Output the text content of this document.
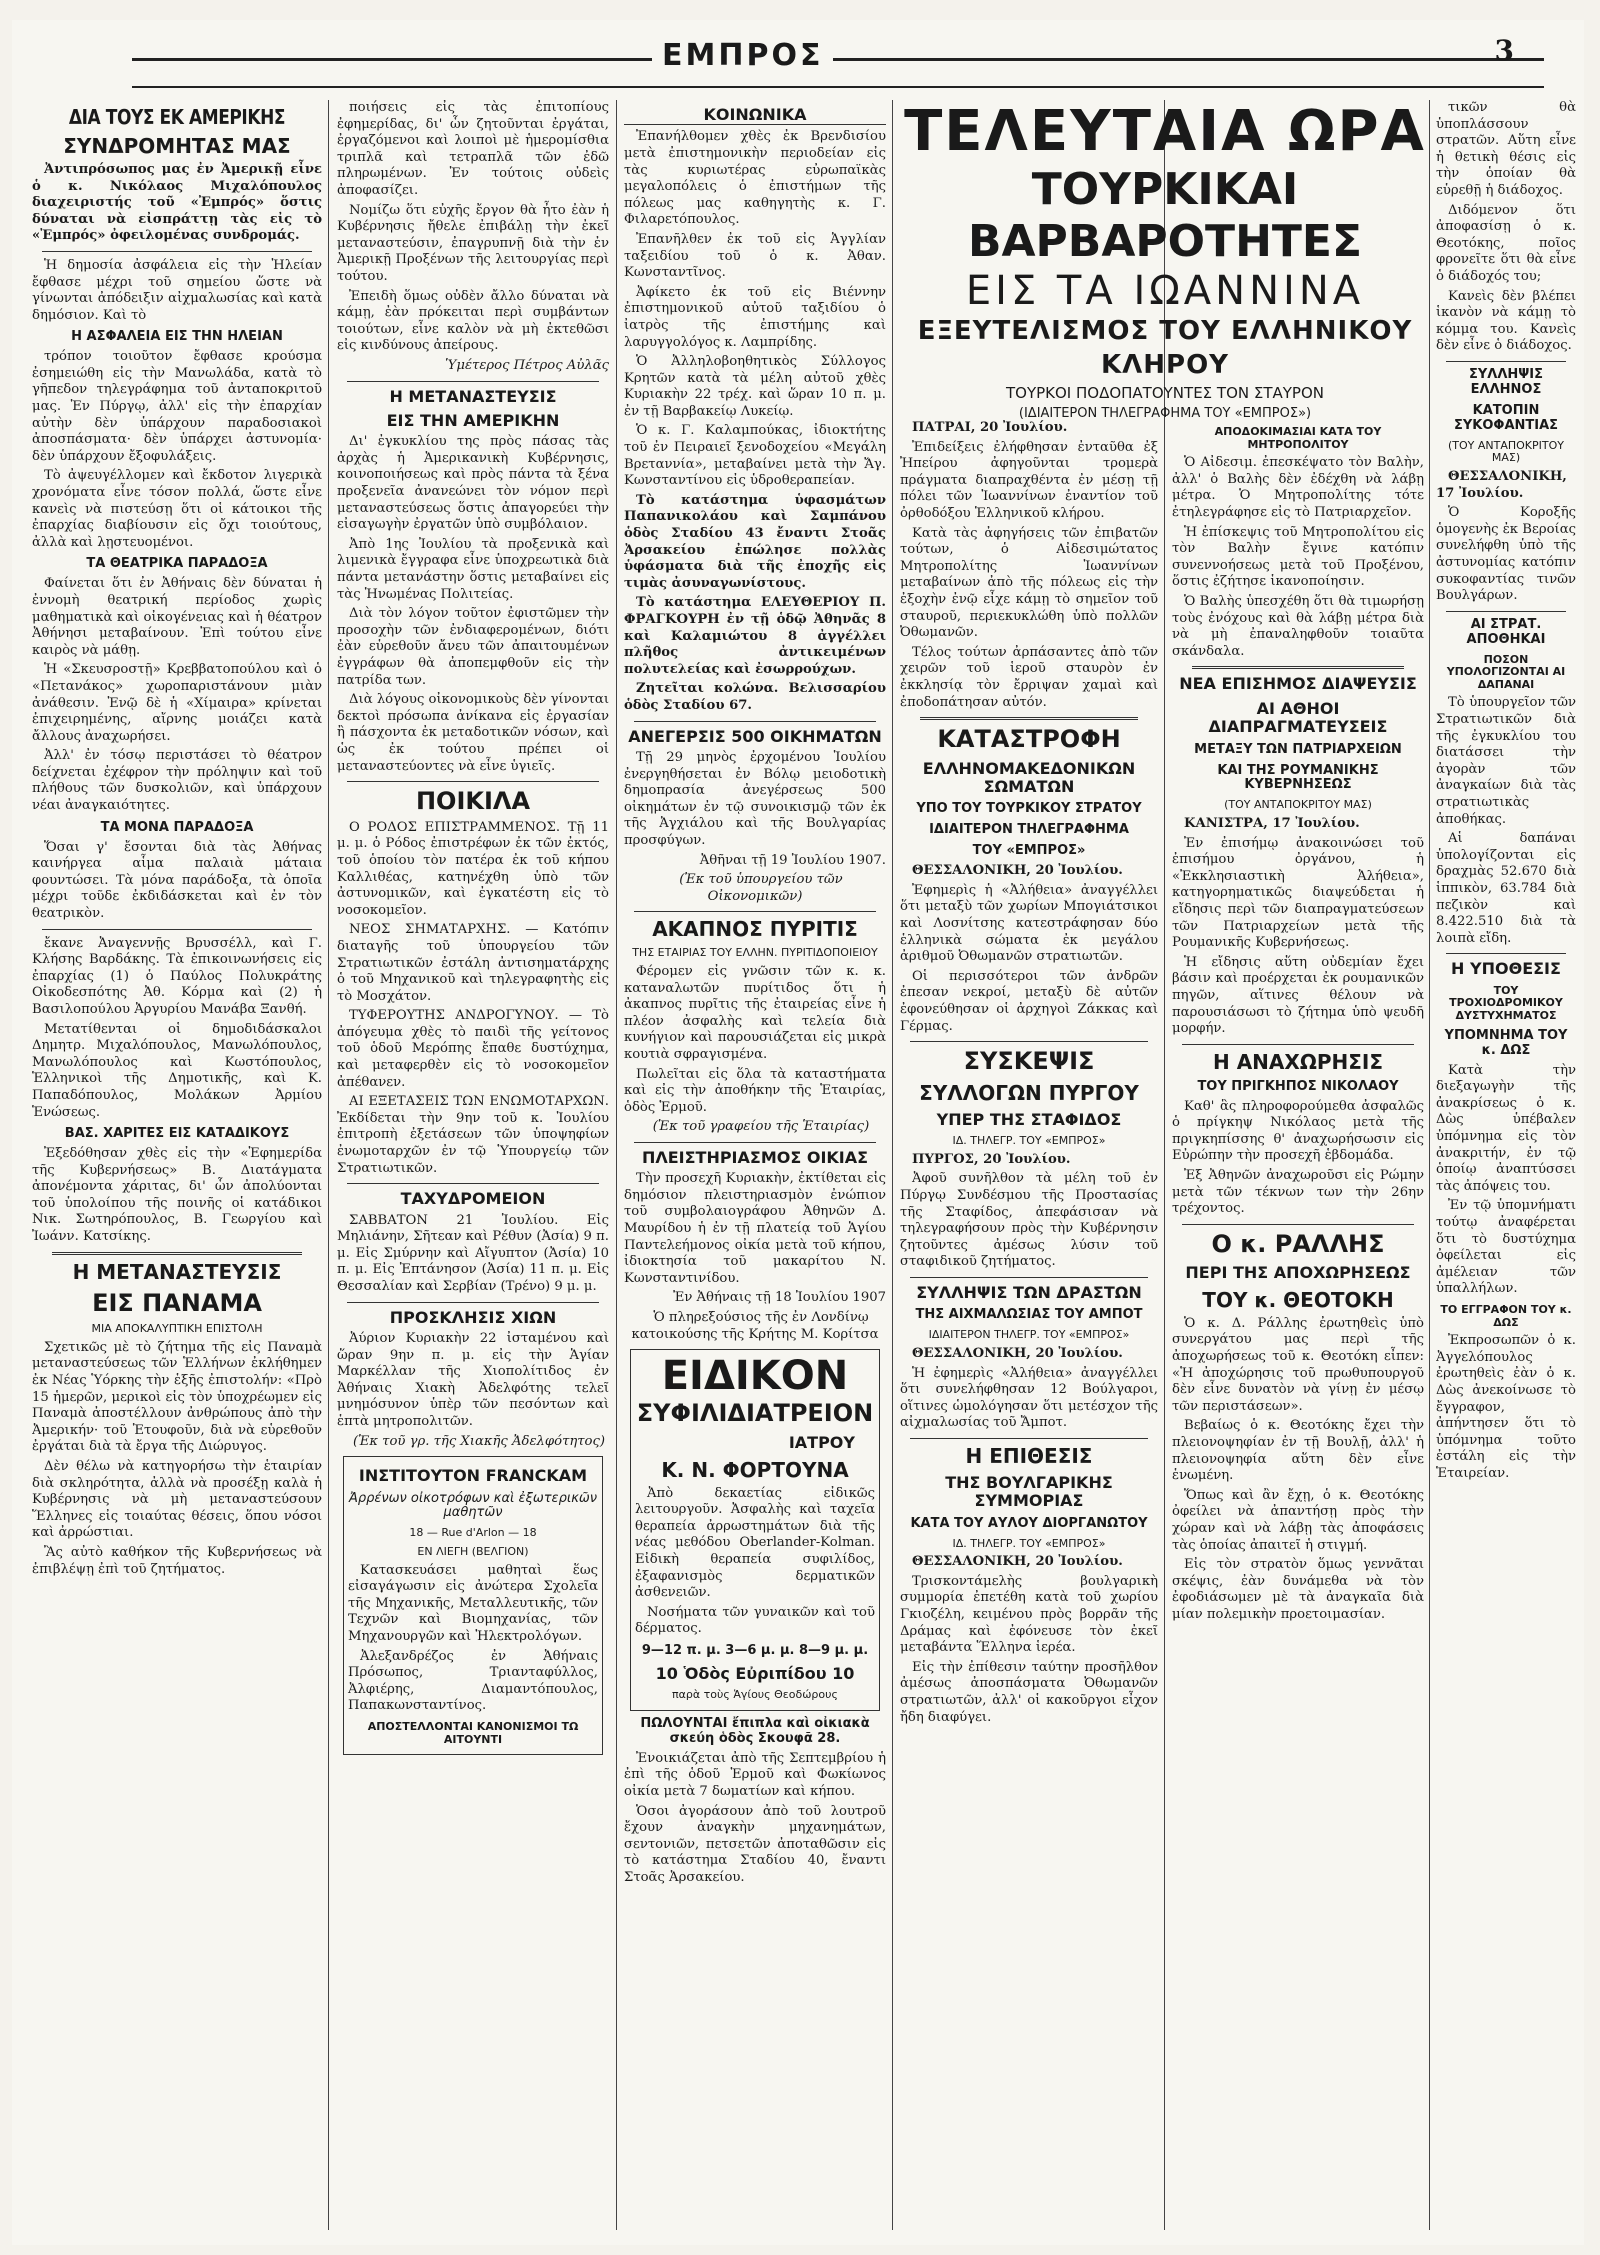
ΕΜΠΡΟΣ	3
ΔΙΑ ΤΟΥΣ ΕΚ ΑΜΕΡΙΚΗΣ
ΣΥΝΔΡΟΜΗΤΑΣ ΜΑΣ

Ἀντιπρόσωπος μας ἐν Ἀμερικῇ εἶνε ὁ κ. Νικόλαος Μιχαλόπουλος διαχειριστής τοῦ «Ἐμπρός» ὅστις δύναται νὰ εἰσπράττῃ τὰς εἰς τὸ «Ἐμπρός» ὀφειλομένας συνδρομάς.

Ἡ δημοσία ἀσφάλεια εἰς τὴν Ἠλείαν ἔφθασε μέχρι τοῦ σημείου ὥστε νὰ γίνωνται ἀπόδειξιν αἰχμαλωσίας καὶ κατὰ δημόσιον. Καὶ τὸ

Η ΑΣΦΑΛΕΙΑ ΕΙΣ ΤΗΝ ΗΛΕΙΑΝ

τρόπον τοιοῦτον ἔφθασε κρούσμα ἐσημειώθη εἰς τὴν Μανωλάδα, κατὰ τὸ γῆπεδον τηλεγράφημα τοῦ ἀνταποκριτοῦ μας. Ἐν Πύργῳ, ἀλλ' εἰς τὴν ἐπαρχίαν αὐτὴν δὲν ὑπάρχουν παραδοσιακοὶ ἀποσπάσματα· δὲν ὑπάρχει ἀστυνομία· δὲν ὑπάρχουν ἔξοφυλάξεις.

Τὸ ἀψευγέλλομεν καὶ ἔκδοτον λιγερικὰ χρονόματα εἶνε τόσον πολλά, ὥστε εἶνε κανεὶς νὰ πιστεύσῃ ὅτι οἱ κάτοικοι τῆς ἐπαρχίας διαβίουσιν εἰς ὄχι τοιούτους, ἀλλὰ καὶ λῃστευομένοι.

ΤΑ ΘΕΑΤΡΙΚΑ ΠΑΡΑΔΟΞΑ

Φαίνεται ὅτι ἐν Ἀθήναις δὲν δύναται ἡ ἐννομὴ θεατρική περίοδος χωρὶς μαθηματικὰ καὶ οἰκογένειας καὶ ἡ θέατρον Ἀθήνησι μεταβαίνουν. Ἐπὶ τούτου εἶνε καιρὸς νὰ μάθῃ.

Ἡ «Σκευσροστῇ» Κρεββατοπούλου καὶ ὁ «Πετανάκος» χωροπαριστάνουν μιὰν ἀνάθεσιν. Ἐνῷ δὲ ἡ «Χίμαιρα» κρίνεται ἐπιχειρημένης, αἴρνης μοιάζει κατὰ ἄλλους ἀναχωρήσει.

Ἀλλ' ἐν τόσῳ περιστάσει τὸ θέατρον δείχνεται ἐχέφρον τὴν πρόληψιν καὶ τοῦ πλήθους τῶν δυσκολιῶν, καὶ ὑπάρχουν νέαι ἀναγκαιότητες.

ΤΑ ΜΟΝΑ ΠΑΡΑΔΟΞΑ

Ὅσαι γ' ἔσονται διὰ τὰς Ἀθήνας καινήργεα αἷμα παλαιὰ μάταια φουντώσει. Τὰ μόνα παράδοξα, τὰ ὁποῖα μέχρι τοῦδε ἐκδιδάσκεται καὶ ἐν τὸν θεατρικὸν.

ἔκανε Ἀναγεννῇς Βρυσσέλλ, καὶ Γ. Κλήσης Βαρδάκης. Τὰ ἐπικοινωνήσεις εἰς ἐπαρχίας (1) ὁ Παύλος Πολυκράτης Οἰκοδεσπότης Ἀθ. Κόρμα καὶ (2) ἡ Βασιλοπούλου Ἀργυρίου Μανάβα Ξανθή.

Μετατίθενται οἱ δημοδιδάσκαλοι Δημητρ. Μιχαλόπουλος, Μανωλόπουλος, Μανωλόπουλος καὶ Κωστόπουλος, Ἑλληνικοὶ τῆς Δημοτικῆς, καὶ Κ. Παπαδόπουλος, Μολάκων Ἀρμίου Ἑνώσεως.

ΒΑΣ. ΧΑΡΙΤΕΣ ΕΙΣ ΚΑΤΑΔΙΚΟΥΣ

Ἐξεδόθησαν χθὲς εἰς τὴν «Ἐφημερίδα τῆς Κυβερνήσεως» Β. Διατάγματα ἀπονέμοντα χάριτας, δι' ὧν ἀπολύονται τοῦ ὑπολοίπου τῆς ποινῆς οἱ κατάδικοι Νικ. Σωτηρόπουλος, Β. Γεωργίου καὶ Ἰωάνν. Κατσίκης.

Η ΜΕΤΑΝΑΣΤΕΥΣΙΣ
ΕΙΣ ΠΑΝΑΜΑ
ΜΙΑ ΑΠΟΚΑΛΥΠΤΙΚΗ ΕΠΙΣΤΟΛΗ

Σχετικῶς μὲ τὸ ζήτημα τῆς εἰς Παναμὰ μεταναστεύσεως τῶν Ἑλλήνων ἐκλήθημεν ἐκ Νέας Ὑόρκης τὴν ἑξῆς ἐπιστολήν: «Πρὸ 15 ἡμερῶν, μερικοὶ εἰς τὸν ὑποχρέωμεν εἰς Παναμὰ ἀποστέλλουν ἀνθρώπους ἀπὸ τὴν Ἀμερικήν· τοῦ Ἐτουφοῦν, διὰ νὰ εὑρεθοῦν ἐργάται διὰ τὰ ἔργα τῆς Διώρυγος.

Δὲν θέλω νὰ κατηγορήσω τὴν ἑταιρίαν διὰ σκληρότητα, ἀλλὰ νὰ προσέξῃ καλὰ ἡ Κυβέρνησις νὰ μὴ μεταναστεύσουν Ἕλληνες εἰς τοιαύτας θέσεις, ὅπου νόσοι καὶ ἀρρώστιαι.

Ἂς αὐτὸ καθήκον τῆς Κυβερνήσεως νὰ ἐπιβλέψῃ ἐπὶ τοῦ ζητήματος.

ποιήσεις εἰς τὰς ἐπιτοπίους ἐφημερίδας, δι' ὧν ζητοῦνται ἐργάται, ἐργαζόμενοι καὶ λοιποὶ μὲ ἡμερομίσθια τριπλᾶ καὶ τετραπλᾶ τῶν ἐδῶ πληρωμένων. Ἐν τούτοις οὐδεὶς ἀποφασίζει.

Νομίζω ὅτι εὐχῆς ἔργον θὰ ἦτο ἐὰν ἡ Κυβέρνησις ἤθελε ἐπιβάλῃ τὴν ἐκεῖ μεταναστεύσιν, ἐπαγρυπνῇ διὰ τὴν ἐν Ἀμερικῇ Προξένων τῆς λειτουργίας περὶ τούτου.

Ἐπειδὴ ὅμως οὐδὲν ἄλλο δύναται νὰ κάμῃ, ἐὰν πρόκειται περὶ συμβάντων τοιούτων, εἶνε καλὸν νὰ μὴ ἐκτεθῶσι εἰς κινδύνους ἀπείρους.

Ὑμέτερος Πέτρος Αὐλᾶς

Η ΜΕΤΑΝΑΣΤΕΥΣΙΣ
ΕΙΣ ΤΗΝ ΑΜΕΡΙΚΗΝ

Δι' ἐγκυκλίου της πρὸς πάσας τὰς ἀρχὰς ἡ Ἀμερικανικὴ Κυβέρνησις, κοινοποιήσεως καὶ πρὸς πάντα τὰ ξένα προξενεῖα ἀνανεώνει τὸν νόμον περὶ μεταναστεύσεως ὅστις ἀπαγορεύει τὴν εἰσαγωγὴν ἐργατῶν ὑπὸ συμβόλαιον.

Ἀπὸ 1ης Ἰουλίου τὰ προξενικὰ καὶ λιμενικὰ ἔγγραφα εἶνε ὑποχρεωτικὰ διὰ πάντα μετανάστην ὅστις μεταβαίνει εἰς τὰς Ἡνωμένας Πολιτείας.

Διὰ τὸν λόγον τοῦτον ἐφιστῶμεν τὴν προσοχὴν τῶν ἐνδιαφερομένων, διότι ἐὰν εὑρεθοῦν ἄνευ τῶν ἀπαιτουμένων ἐγγράφων θὰ ἀποπεμφθοῦν εἰς τὴν πατρίδα των.

Διὰ λόγους οἰκονομικοὺς δὲν γίνονται δεκτοὶ πρόσωπα ἀνίκανα εἰς ἐργασίαν ἢ πάσχοντα ἐκ μεταδοτικῶν νόσων, καὶ ὡς ἐκ τούτου πρέπει οἱ μεταναστεύοντες νὰ εἶνε ὑγιεῖς.

ΠΟΙΚΙΛΑ

Ο ΡΟΔΟΣ ΕΠΙΣΤΡΑΜΜΕΝΟΣ. Τῇ 11 μ. μ. ὁ Ρόδος ἐπιστρέφων ἐκ τῶν ἐκτός, τοῦ ὁποίου τὸν πατέρα ἐκ τοῦ κήπου Καλλιθέας, κατηνέχθη ὑπὸ τῶν ἀστυνομικῶν, καὶ ἐγκατέστη εἰς τὸ νοσοκομεῖον.

ΝΕΟΣ ΣΗΜΑΤΑΡΧΗΣ. — Κατόπιν διαταγῆς τοῦ ὑπουργείου τῶν Στρατιωτικῶν ἐστάλη ἀντισηματάρχης ὁ τοῦ Μηχανικοῦ καὶ τηλεγραφητὴς εἰς τὸ Μοσχάτον.

ΤΥΦΕΡΟΥΤΗΣ ΑΝΔΡΟΓΥΝΟΥ. — Τὸ ἀπόγευμα χθὲς τὸ παιδὶ τῆς γείτονος τοῦ ὁδοῦ Μερόπης ἔπαθε δυστύχημα, καὶ μεταφερθὲν εἰς τὸ νοσοκομεῖον ἀπέθανεν.

ΑΙ ΕΞΕΤΑΣΕΙΣ ΤΩΝ ΕΝΩΜΟΤΑΡΧΩΝ. Ἐκδίδεται τὴν 9ην τοῦ κ. Ἰουλίου ἐπιτροπὴ ἐξετάσεων τῶν ὑποψηφίων ἐνωμοταρχῶν ἐν τῷ Ὑπουργείῳ τῶν Στρατιωτικῶν.

ΤΑΧΥΔΡΟΜΕΙΟΝ

ΣΑΒΒΑΤΟΝ 21 Ἰουλίου. Εἰς Μηλιάνην, Σῆτεαν καὶ Ρέθυν (Ἀσία) 9 π. μ. Εἰς Σμύρνην καὶ Αἴγυπτον (Ἀσία) 10 π. μ. Εἰς Ἐπτάνησον (Ἀσία) 11 π. μ. Εἰς Θεσσαλίαν καὶ Σερβίαν (Τρένο) 9 μ. μ.

ΠΡΟΣΚΛΗΣΙΣ ΧΙΩΝ

Ἀύριον Κυριακὴν 22 ἰσταμένου καὶ ὥραν 9ην π. μ. εἰς τὴν Ἁγίαν Μαρκέλλαν τῆς Χιοπολίτιδος ἐν Ἀθήναις Χιακὴ Ἀδελφότης τελεῖ μνημόσυνον ὑπὲρ τῶν πεσόντων καὶ ἑπτὰ μητροπολιτῶν.

(Ἐκ τοῦ γρ. τῆς Χιακῆς Ἀδελφότητος)

ΙΝΣΤΙΤΟΥΤΟΝ FRANCKAM
Ἀρρένων οἰκοτρόφων καὶ ἐξωτερικῶν μαθητῶν
18 — Rue d'Arlon — 18
ΕΝ ΛΙΕΓΗ (ΒΕΛΓΙΟΝ)

Κατασκευάσει μαθηταὶ ἕως εἰσαγάγωσιν εἰς ἀνώτερα Σχολεῖα τῆς Μηχανικῆς, Μεταλλευτικῆς, τῶν Τεχνῶν καὶ Βιομηχανίας, τῶν Μηχανουργῶν καὶ Ἠλεκτρολόγων.

Ἀλεξανδρέζος ἐν Ἀθήναις Πρόσωπος, Τριανταφύλλος, Ἀλφιέρης, Διαμαντόπουλος, Παπακωνσταντίνος.

ΑΠΟΣΤΕΛΛΟΝΤΑΙ ΚΑΝΟΝΙΣΜΟΙ ΤΩ ΑΙΤΟΥΝΤΙ
ΤΕΛΕΥΤΑΙΑ ΩΡΑ
ΤΟΥΡΚΙΚΑΙ ΒΑΡΒΑΡΟΤΗΤΕΣ
ΕΙΣ ΤΑ ΙΩΑΝΝΙΝΑ
ΕΞΕΥΤΕΛΙΣΜΟΣ ΤΟΥ ΕΛΛΗΝΙΚΟΥ ΚΛΗΡΟΥ
ΤΟΥΡΚΟΙ ΠΟΔΟΠΑΤΟΥΝΤΕΣ ΤΟΝ ΣΤΑΥΡΟΝ
(ΙΔΙΑΙΤΕΡΟΝ ΤΗΛΕΓΡΑΦΗΜΑ ΤΟΥ «ΕΜΠΡΟΣ»)
ΚΟΙΝΩΝΙΚΑ

Ἐπανήλθομεν χθὲς ἐκ Βρενδισίου μετὰ ἐπιστημονικὴν περιοδείαν εἰς τὰς κυριωτέρας εὐρωπαϊκὰς μεγαλοπόλεις ὁ ἐπιστήμων τῆς πόλεως μας καθηγητὴς κ. Γ. Φιλαρετόπουλος.

Ἐπανῆλθεν ἐκ τοῦ εἰς Ἀγγλίαν ταξειδίου τοῦ ὁ κ. Ἀθαν. Κωνσταντῖνος.

Ἀφίκετο ἐκ τοῦ εἰς Βιέννην ἐπιστημονικοῦ αὐτοῦ ταξιδίου ὁ ἰατρὸς τῆς ἐπιστήμης καὶ λαρυγγολόγος κ. Λαμπρίδης.

Ὁ Ἀλληλοβοηθητικὸς Σύλλογος Κρητῶν κατὰ τὰ μέλη αὐτοῦ χθὲς Κυριακὴν 22 τρέχ. καὶ ὥραν 10 π. μ. ἐν τῇ Βαρβακείῳ Λυκείῳ.

Ὁ κ. Γ. Καλαμπούκας, ἰδιοκτήτης τοῦ ἐν Πειραιεῖ ξενοδοχείου «Μεγάλη Βρεταννία», μεταβαίνει μετὰ τὴν Ἄγ. Κωνσταντίνου εἰς ὑδροθεραπείαν.

Τὸ κατάστημα ὑφασμάτων Παπανικολάου καὶ Σαμπάνου ὁδὸς Σταδίου 43 ἔναντι Στοᾶς Ἀρσακείου ἐπώλησε πολλὰς ὑφάσματα διὰ τῆς ἐποχῆς εἰς τιμὰς ἀσυναγωνίστους.

Τὸ κατάστημα ΕΛΕΥΘΕΡΙΟΥ Π. ΦΡΑΓΚΟΥΡΗ ἐν τῇ ὁδῷ Ἀθηνᾶς 8 καὶ Καλαμιώτου 8 ἀγγέλλει πλῆθος ἀντικειμένων πολυτελείας καὶ ἐσωρρούχων.

Ζητεῖται κολώνα. Βελισσαρίου ὁδὸς Σταδίου 67.

ΑΝΕΓΕΡΣΙΣ 500 ΟΙΚΗΜΑΤΩΝ

Τῇ 29 μηνὸς ἐρχομένου Ἰουλίου ἐνεργηθήσεται ἐν Βόλῳ μειοδοτικὴ δημοπρασία ἀνεγέρσεως 500 οἰκημάτων ἐν τῷ συνοικισμῷ τῶν ἐκ τῆς Ἀγχιάλου καὶ τῆς Βουλγαρίας προσφύγων.

Ἀθῆναι τῇ 19 Ἰουλίου 1907.

(Ἐκ τοῦ ὑπουργείου τῶν Οἰκονομικῶν)

ΑΚΑΠΝΟΣ ΠΥΡΙΤΙΣ
ΤΗΣ ΕΤΑΙΡΙΑΣ ΤΟΥ ΕΛΛΗΝ. ΠΥΡΙΤΙΔΟΠΟΙΕΙΟΥ

Φέρομεν εἰς γνῶσιν τῶν κ. κ. καταναλωτῶν πυρίτιδος ὅτι ἡ ἀκαπνος πυρῖτις τῆς ἐταιρείας εἶνε ἡ πλέον ἀσφαλὴς καὶ τελεία διὰ κυνήγιον καὶ παρουσιάζεται εἰς μικρὰ κουτιὰ σφραγισμένα.

Πωλεῖται εἰς ὅλα τὰ καταστήματα καὶ εἰς τὴν ἀποθήκην τῆς Ἑταιρίας, ὁδὸς Ἑρμοῦ.

(Ἐκ τοῦ γραφείου τῆς Ἑταιρίας)

ΠΛΕΙΣΤΗΡΙΑΣΜΟΣ ΟΙΚΙΑΣ

Τὴν προσεχῆ Κυριακὴν, ἐκτίθεται εἰς δημόσιον πλειστηριασμὸν ἐνώπιον τοῦ συμβολαιογράφου Ἀθηνῶν Δ. Μαυρίδου ἡ ἐν τῇ πλατείᾳ τοῦ Ἁγίου Παντελεήμονος οἰκία μετὰ τοῦ κήπου, ἰδιοκτησία τοῦ μακαρίτου Ν. Κωνσταντινίδου.

Ἐν Ἀθήναις τῇ 18 Ἰουλίου 1907

Ὁ πληρεξούσιος τῆς ἐν Λονδίνῳ κατοικούσης τῆς Κρήτης Μ. Κορίτσα

ΕΙΔΙΚΟΝ
ΣΥΦΙΛΙΔΙΑΤΡΕΙΟΝ
ΙΑΤΡΟΥ
Κ. Ν. ΦΟΡΤΟΥΝΑ

Ἀπὸ δεκαετίας εἰδικῶς λειτουργοῦν. Ἀσφαλὴς καὶ ταχεῖα θεραπεία ἀρρωστημάτων διὰ τῆς νέας μεθόδου Oberlander-Kolman. Εἰδικὴ θεραπεία συφιλίδος, ἐξαφανισμὸς δερματικῶν ἀσθενειῶν.

Νοσήματα τῶν γυναικῶν καὶ τοῦ δέρματος.

9—12 π. μ. 3—6 μ. μ. 8—9 μ. μ.
10 Ὁδὸς Εὐριπίδου 10
παρὰ τοὺς Ἁγίους Θεοδώρους
ΠΩΛΟΥΝΤΑΙ ἔπιπλα καὶ οἰκιακὰ σκεύη ὁδὸς Σκουφᾶ 28.

Ἐνοικιάζεται ἀπὸ τῆς Σεπτεμβρίου ἡ ἐπὶ τῆς ὁδοῦ Ἑρμοῦ καὶ Φωκίωνος οἰκία μετὰ 7 δωματίων καὶ κήπου.

Ὁσοι ἀγοράσουν ἀπὸ τοῦ λουτροῦ ἔχουν ἀναγκὴν μηχανημάτων, σεντονιῶν, πετσετῶν ἀποταθῶσιν εἰς τὸ κατάστημα Σταδίου 40, ἔναντι Στοᾶς Ἀρσακείου.

ΠΑΤΡΑΙ, 20 Ἰουλίου.

Ἐπιδείξεις ἐλήφθησαν ἐνταῦθα ἐξ Ἠπείρου ἀφηγοῦνται τρομερὰ πράγματα διαπραχθέντα ἐν μέσῃ τῇ πόλει τῶν Ἰωαννίνων ἐναντίον τοῦ ὀρθοδόξου Ἑλληνικοῦ κλήρου.

Κατὰ τὰς ἀφηγήσεις τῶν ἐπιβατῶν τούτων, ὁ Αἰδεσιμώτατος Μητροπολίτης Ἰωαννίνων μεταβαίνων ἀπὸ τῆς πόλεως εἰς τὴν ἐξοχὴν ἐνῷ εἶχε κάμῃ τὸ σημεῖον τοῦ σταυροῦ, περιεκυκλώθη ὑπὸ πολλῶν Ὀθωμανῶν.

Τέλος τούτων ἀρπάσαντες ἀπὸ τῶν χειρῶν τοῦ ἱεροῦ σταυρὸν ἐν ἐκκλησίᾳ τὸν ἔρριψαν χαμαὶ καὶ ἐποδοπάτησαν αὐτόν.

ΚΑΤΑΣΤΡΟΦΗ
ΕΛΛΗΝΟΜΑΚΕΔΟΝΙΚΩΝ ΣΩΜΑΤΩΝ
ΥΠΟ ΤΟΥ ΤΟΥΡΚΙΚΟΥ ΣΤΡΑΤΟΥ
ΙΔΙΑΙΤΕΡΟΝ ΤΗΛΕΓΡΑΦΗΜΑ
ΤΟΥ «ΕΜΠΡΟΣ»

ΘΕΣΣΑΛΟΝΙΚΗ, 20 Ἰουλίου.

Ἐφημερὶς ἡ «Ἀλήθεια» ἀναγγέλλει ὅτι μεταξὺ τῶν χωρίων Μπογιάτσικοι καὶ Λοσνίτσης κατεστράφησαν δύο ἑλληνικὰ σώματα ἐκ μεγάλου ἀριθμοῦ Ὀθωμανῶν στρατιωτῶν.

Οἱ περισσότεροι τῶν ἀνδρῶν ἐπεσαν νεκροί, μεταξὺ δὲ αὐτῶν ἐφονεύθησαν οἱ ἀρχηγοὶ Ζάκκας καὶ Γέρμας.

ΣΥΣΚΕΨΙΣ
ΣΥΛΛΟΓΩΝ ΠΥΡΓΟΥ
ΥΠΕΡ ΤΗΣ ΣΤΑΦΙΔΟΣ
ΙΔ. ΤΗΛΕΓΡ. ΤΟΥ «ΕΜΠΡΟΣ»

ΠΥΡΓΟΣ, 20 Ἰουλίου.

Ἀφοῦ συνῆλθον τὰ μέλη τοῦ ἐν Πύργῳ Συνδέσμου τῆς Προστασίας τῆς Σταφίδος, ἀπεφάσισαν νὰ τηλεγραφήσουν πρὸς τὴν Κυβέρνησιν ζητοῦντες ἀμέσως λύσιν τοῦ σταφιδικοῦ ζητήματος.

ΣΥΛΛΗΨΙΣ ΤΩΝ ΔΡΑΣΤΩΝ
ΤΗΣ ΑΙΧΜΑΛΩΣΙΑΣ ΤΟΥ ΑΜΠΟΤ
ΙΔΙΑΙΤΕΡΟΝ ΤΗΛΕΓΡ. ΤΟΥ «ΕΜΠΡΟΣ»

ΘΕΣΣΑΛΟΝΙΚΗ, 20 Ἰουλίου.

Ἡ ἐφημερὶς «Ἀλήθεια» ἀναγγέλλει ὅτι συνελήφθησαν 12 Βούλγαροι, οἵτινες ὡμολόγησαν ὅτι μετέσχον τῆς αἰχμαλωσίας τοῦ Ἄμποτ.

Η ΕΠΙΘΕΣΙΣ
ΤΗΣ ΒΟΥΛΓΑΡΙΚΗΣ ΣΥΜΜΟΡΙΑΣ
ΚΑΤΑ ΤΟΥ ΑΥΛΟΥ ΔΙΟΡΓΑΝΩΤΟΥ
ΙΔ. ΤΗΛΕΓΡ. ΤΟΥ «ΕΜΠΡΟΣ»

ΘΕΣΣΑΛΟΝΙΚΗ, 20 Ἰουλίου.

Τρισκοντάμελὴς βουλγαρικὴ συμμορία ἐπετέθη κατὰ τοῦ χωρίου Γκιοζέλη, κειμένου πρὸς βορρᾶν τῆς Δράμας καὶ ἐφόνευσε τὸν ἐκεῖ μεταβάντα Ἕλληνα ἱερέα.

Εἰς τὴν ἐπίθεσιν ταύτην προσῆλθον ἀμέσως ἀποσπάσματα Ὀθωμανῶν στρατιωτῶν, ἀλλ' οἱ κακοῦργοι εἶχον ἤδη διαφύγει.

ΑΠΟΔΟΚΙΜΑΣΙΑΙ ΚΑΤΑ ΤΟΥ ΜΗΤΡΟΠΟΛΙΤΟΥ

Ὁ Αἰδεσιμ. ἐπεσκέψατο τὸν Βαλὴν, ἀλλ' ὁ Βαλὴς δὲν ἐδέχθη νὰ λάβῃ μέτρα. Ὁ Μητροπολίτης τότε ἐτηλεγράφησε εἰς τὸ Πατριαρχεῖον.

Ἡ ἐπίσκεψις τοῦ Μητροπολίτου εἰς τὸν Βαλὴν ἔγινε κατόπιν συνεννοήσεως μετὰ τοῦ Προξένου, ὅστις ἐζήτησε ἱκανοποίησιν.

Ὁ Βαλὴς ὑπεσχέθη ὅτι θὰ τιμωρήσῃ τοὺς ἐνόχους καὶ θὰ λάβῃ μέτρα διὰ νὰ μὴ ἐπαναληφθοῦν τοιαῦτα σκάνδαλα.

ΝΕΑ ΕΠΙΣΗΜΟΣ ΔΙΑΨΕΥΣΙΣ
ΑΙ ΑΘΗΟΙ ΔΙΑΠΡΑΓΜΑΤΕΥΣΕΙΣ
ΜΕΤΑΞΥ ΤΩΝ ΠΑΤΡΙΑΡΧΕΙΩΝ
ΚΑΙ ΤΗΣ ΡΟΥΜΑΝΙΚΗΣ ΚΥΒΕΡΝΗΣΕΩΣ
(ΤΟΥ ΑΝΤΑΠΟΚΡΙΤΟΥ ΜΑΣ)

ΚΑΝΙΣΤΡΑ, 17 Ἰουλίου.

Ἐν ἐπισήμῳ ἀνακοινώσει τοῦ ἐπισήμου ὀργάνου, ἡ «Ἐκκλησιαστικὴ Ἀλήθεια», κατηγορηματικῶς διαψεύδεται ἡ εἴδησις περὶ τῶν διαπραγματεύσεων τῶν Πατριαρχείων μετὰ τῆς Ρουμανικῆς Κυβερνήσεως.

Ἡ εἴδησις αὕτη οὐδεμίαν ἔχει βάσιν καὶ προέρχεται ἐκ ρουμανικῶν πηγῶν, αἵτινες θέλουν νὰ παρουσιάσωσι τὸ ζήτημα ὑπὸ ψευδῆ μορφήν.

Η ΑΝΑΧΩΡΗΣΙΣ
ΤΟΥ ΠΡΙΓΚΗΠΟΣ ΝΙΚΟΛΑΟΥ

Καθ' ἃς πληροφορούμεθα ἀσφαλῶς ὁ πρίγκηψ Νικόλαος μετὰ τῆς πριγκηπίσσης θ' ἀναχωρήσωσιν εἰς Εὐρώπην τὴν προσεχῆ ἑβδομάδα.

Ἐξ Ἀθηνῶν ἀναχωροῦσι εἰς Ρώμην μετὰ τῶν τέκνων των τὴν 26ην τρέχοντος.

Ο κ. ΡΑΛΛΗΣ
ΠΕΡΙ ΤΗΣ ΑΠΟΧΩΡΗΣΕΩΣ
ΤΟΥ κ. ΘΕΟΤΟΚΗ

Ὁ κ. Δ. Ράλλης ἐρωτηθεὶς ὑπὸ συνεργάτου μας περὶ τῆς ἀποχωρήσεως τοῦ κ. Θεοτόκη εἶπεν: «Ἡ ἀποχώρησις τοῦ πρωθυπουργοῦ δὲν εἶνε δυνατὸν νὰ γίνῃ ἐν μέσῳ τῶν περιστάσεων».

Βεβαίως ὁ κ. Θεοτόκης ἔχει τὴν πλειονοψηφίαν ἐν τῇ Βουλῇ, ἀλλ' ἡ πλειονοψηφία αὕτη δὲν εἶνε ἑνωμένη.

Ὅπως καὶ ἂν ἔχῃ, ὁ κ. Θεοτόκης ὀφείλει νὰ ἀπαντήσῃ πρὸς τὴν χώραν καὶ νὰ λάβῃ τὰς ἀποφάσεις τὰς ὁποίας ἀπαιτεῖ ἡ στιγμή.

Εἰς τὸν στρατὸν ὅμως γεννᾶται σκέψις, ἐὰν δυνάμεθα νὰ τὸν ἐφοδιάσωμεν μὲ τὰ ἀναγκαῖα διὰ μίαν πολεμικὴν προετοιμασίαν.

τικῶν θὰ ὑποπλάσσουν στρατῶν. Αὕτη εἶνε ἡ θετικὴ θέσις εἰς τὴν ὁποίαν θὰ εὑρεθῇ ἡ διάδοχος.

Διδόμενον ὅτι ἀποφασίσῃ ὁ κ. Θεοτόκης, ποῖος φρονεῖτε ὅτι θὰ εἶνε ὁ διάδοχός του;

Κανεὶς δὲν βλέπει ἱκανὸν νὰ κάμῃ τὸ κόμμα του. Κανεὶς δὲν εἶνε ὁ διάδοχος.

ΣΥΛΛΗΨΙΣ ΕΛΛΗΝΟΣ
ΚΑΤΟΠΙΝ ΣΥΚΟΦΑΝΤΙΑΣ
(ΤΟΥ ΑΝΤΑΠΟΚΡΙΤΟΥ ΜΑΣ)

ΘΕΣΣΑΛΟΝΙΚΗ, 17 Ἰουλίου.

Ὁ Κοροξῆς ὁμογενὴς ἐκ Βεροίας συνελήφθη ὑπὸ τῆς ἀστυνομίας κατόπιν συκοφαντίας τινῶν Βουλγάρων.

ΑΙ ΣΤΡΑΤ. ΑΠΟΘΗΚΑΙ
ΠΟΣΟΝ ΥΠΟΛΟΓΙΖΟΝΤΑΙ ΑΙ ΔΑΠΑΝΑΙ

Τὸ ὑπουργεῖον τῶν Στρατιωτικῶν διὰ τῆς ἐγκυκλίου του διατάσσει τὴν ἀγορὰν τῶν ἀναγκαίων διὰ τὰς στρατιωτικὰς ἀποθήκας.

Αἱ δαπάναι ὑπολογίζονται εἰς δραχμὰς 52.670 διὰ ἱππικὸν, 63.784 διὰ πεζικὸν καὶ 8.422.510 διὰ τὰ λοιπὰ εἴδη.

Η ΥΠΟΘΕΣΙΣ
ΤΟΥ ΤΡΟΧΙΟΔΡΟΜΙΚΟΥ ΔΥΣΤΥΧΗΜΑΤΟΣ
ΥΠΟΜΝΗΜΑ ΤΟΥ κ. ΔΩΣ

Κατὰ τὴν διεξαγωγὴν τῆς ἀνακρίσεως ὁ κ. Δὼς ὑπέβαλεν ὑπόμνημα εἰς τὸν ἀνακριτήν, ἐν τῷ ὁποίῳ ἀναπτύσσει τὰς ἀπόψεις του.

Ἐν τῷ ὑπομνήματι τούτῳ ἀναφέρεται ὅτι τὸ δυστύχημα ὀφείλεται εἰς ἀμέλειαν τῶν ὑπαλλήλων.

ΤΟ ΕΓΓΡΑΦΟΝ ΤΟΥ κ. ΔΩΣ

Ἐκπροσωπῶν ὁ κ. Ἀγγελόπουλος ἐρωτηθεὶς ἐὰν ὁ κ. Δὼς ἀνεκοίνωσε τὸ ἔγγραφον, ἀπήντησεν ὅτι τὸ ὑπόμνημα τοῦτο ἐστάλη εἰς τὴν Ἑταιρείαν.
